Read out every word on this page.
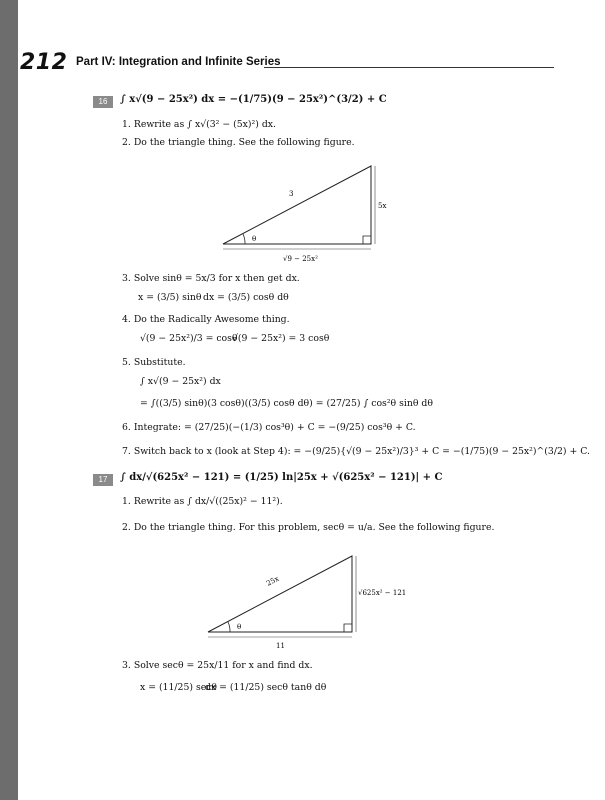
212 Part IV: Integration and Infinite Series
16	∫ x√(9 − 25x²) dx = −(1/75)(9 − 25x²)^(3/2) + C
1. Rewrite as ∫ x√(3² − (5x)²) dx.
2. Do the triangle thing. See the following figure.
3
5x
√9 − 25x²
θ
3. Solve sinθ = 5x/3 for x then get dx.
x = (3/5) sinθ dx = (3/5) cosθ dθ
4. Do the Radically Awesome thing.
√(9 − 25x²)/3 = cosθ
√(9 − 25x²) = 3 cosθ
5. Substitute.
∫ x√(9 − 25x²) dx
= ∫((3/5) sinθ)(3 cosθ)((3/5) cosθ dθ) = (27/25) ∫ cos²θ sinθ dθ
6. Integrate: = (27/25)(−(1/3) cos³θ) + C = −(9/25) cos³θ + C.
7. Switch back to x (look at Step 4): = −(9/25){√(9 − 25x²)/3}³ + C = −(1/75)(9 − 25x²)^(3/2) + C.
17	∫ dx/√(625x² − 121) = (1/25) ln|25x + √(625x² − 121)| + C
1. Rewrite as ∫ dx/√((25x)² − 11²).
2. Do the triangle thing. For this problem, secθ = u/a. See the following figure.
25x
√625x² − 121
11
θ
3. Solve secθ = 25x/11 for x and find dx.
x = (11/25) secθ
dx = (11/25) secθ tanθ dθ
